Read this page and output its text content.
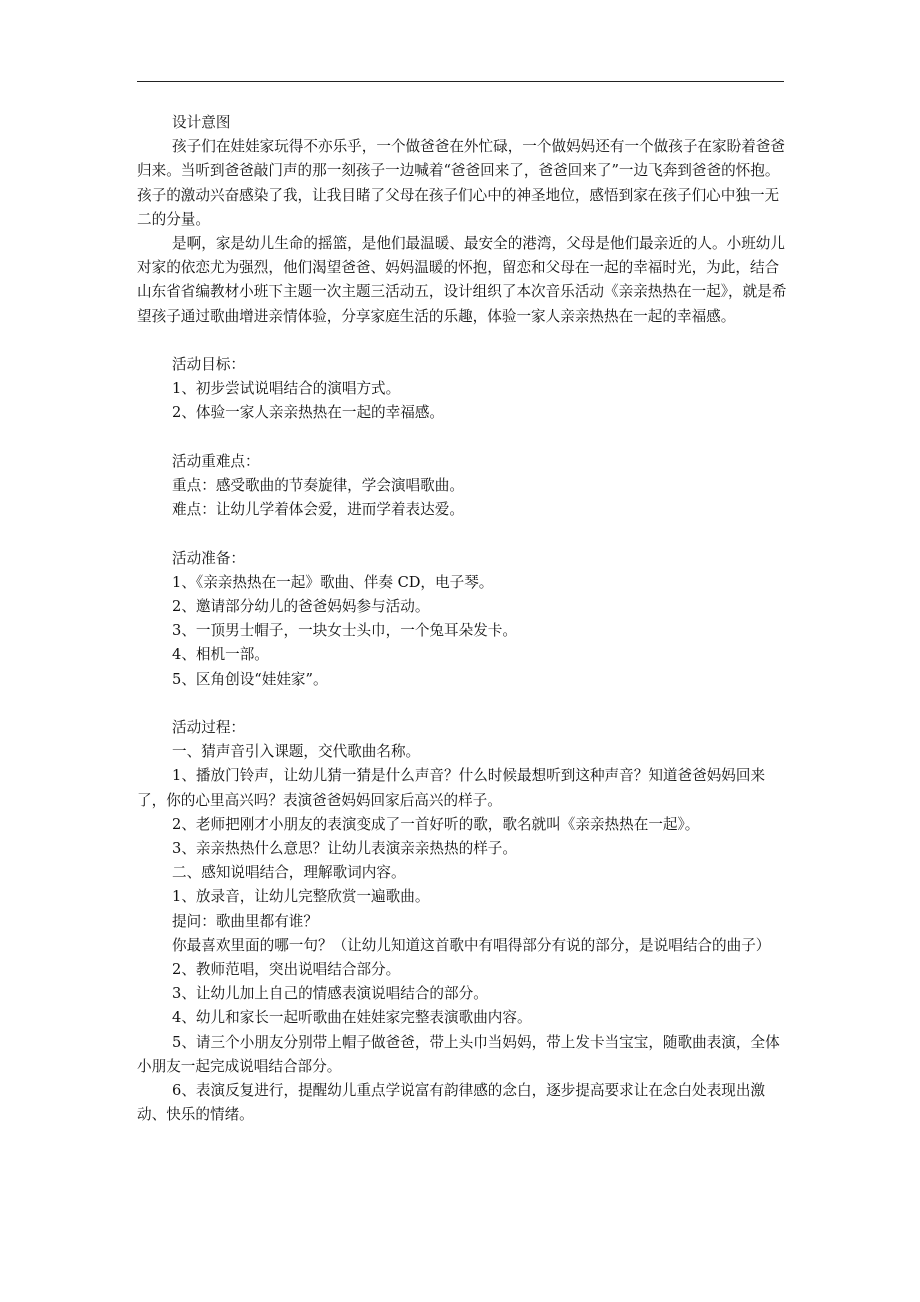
设计意图

孩子们在娃娃家玩得不亦乐乎，一个做爸爸在外忙碌，一个做妈妈还有一个做孩子在家盼着爸爸归来。当听到爸爸敲门声的那一刻孩子一边喊着“爸爸回来了，爸爸回来了”一边飞奔到爸爸的怀抱。孩子的激动兴奋感染了我，让我目睹了父母在孩子们心中的神圣地位，感悟到家在孩子们心中独一无二的分量。

是啊，家是幼儿生命的摇篮，是他们最温暖、最安全的港湾，父母是他们最亲近的人。小班幼儿对家的依恋尤为强烈，他们渴望爸爸、妈妈温暖的怀抱，留恋和父母在一起的幸福时光，为此，结合山东省省编教材小班下主题一次主题三活动五，设计组织了本次音乐活动《亲亲热热在一起》，就是希望孩子通过歌曲增进亲情体验，分享家庭生活的乐趣，体验一家人亲亲热热在一起的幸福感。

活动目标：

1、初步尝试说唱结合的演唱方式。

2、体验一家人亲亲热热在一起的幸福感。

活动重难点：

重点：感受歌曲的节奏旋律，学会演唱歌曲。

难点：让幼儿学着体会爱，进而学着表达爱。

活动准备：

1、《亲亲热热在一起》歌曲、伴奏 CD，电子琴。

2、邀请部分幼儿的爸爸妈妈参与活动。

3、一顶男士帽子，一块女士头巾，一个兔耳朵发卡。

4、相机一部。

5、区角创设“娃娃家”。

活动过程：

一、猜声音引入课题，交代歌曲名称。

1、播放门铃声，让幼儿猜一猜是什么声音？什么时候最想听到这种声音？知道爸爸妈妈回来了，你的心里高兴吗？表演爸爸妈妈回家后高兴的样子。

2、老师把刚才小朋友的表演变成了一首好听的歌，歌名就叫《亲亲热热在一起》。

3、亲亲热热什么意思？让幼儿表演亲亲热热的样子。

二、感知说唱结合，理解歌词内容。

1、放录音，让幼儿完整欣赏一遍歌曲。

提问：歌曲里都有谁？

你最喜欢里面的哪一句？（让幼儿知道这首歌中有唱得部分有说的部分，是说唱结合的曲子）

2、教师范唱，突出说唱结合部分。

3、让幼儿加上自己的情感表演说唱结合的部分。

4、幼儿和家长一起听歌曲在娃娃家完整表演歌曲内容。

5、请三个小朋友分别带上帽子做爸爸，带上头巾当妈妈，带上发卡当宝宝，随歌曲表演，全体小朋友一起完成说唱结合部分。

6、表演反复进行，提醒幼儿重点学说富有韵律感的念白，逐步提高要求让在念白处表现出激动、快乐的情绪。
